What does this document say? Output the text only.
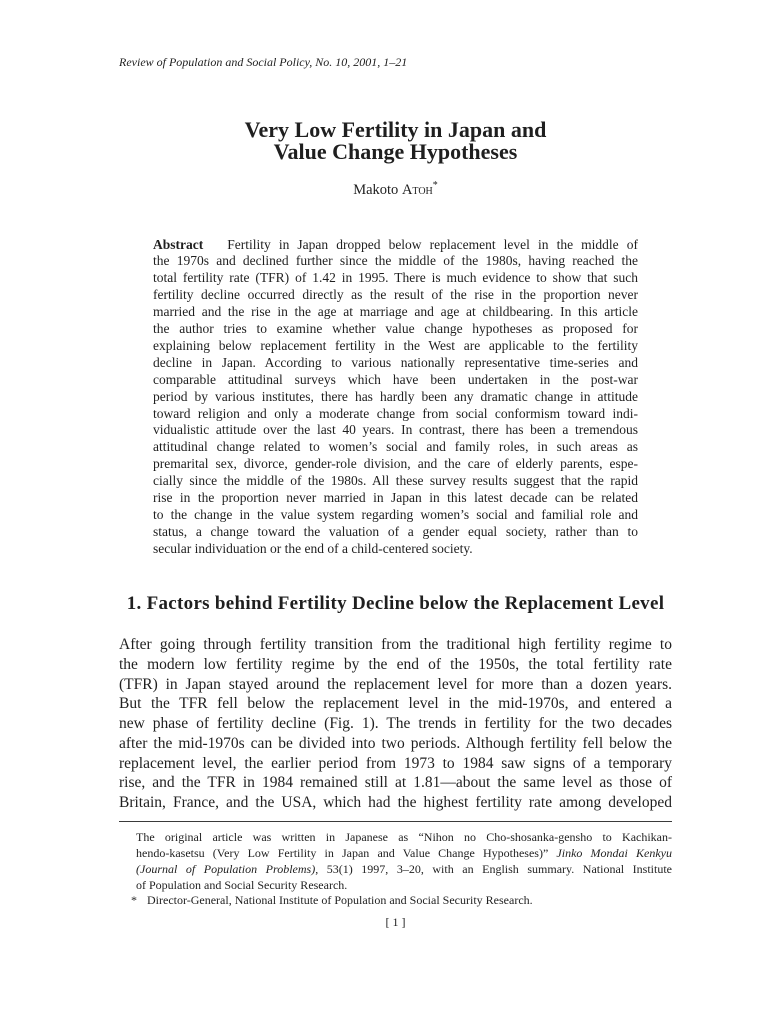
Review of Population and Social Policy, No. 10, 2001, 1–21
Very Low Fertility in Japan and
Value Change Hypotheses
Makoto Atoh*
Abstract Fertility in Japan dropped below replacement level in the middle of
the 1970s and declined further since the middle of the 1980s, having reached the
total fertility rate (TFR) of 1.42 in 1995. There is much evidence to show that such
fertility decline occurred directly as the result of the rise in the proportion never
married and the rise in the age at marriage and age at childbearing. In this article
the author tries to examine whether value change hypotheses as proposed for
explaining below replacement fertility in the West are applicable to the fertility
decline in Japan. According to various nationally representative time-series and
comparable attitudinal surveys which have been undertaken in the post-war
period by various institutes, there has hardly been any dramatic change in attitude
toward religion and only a moderate change from social conformism toward indi-
vidualistic attitude over the last 40 years. In contrast, there has been a tremendous
attitudinal change related to women’s social and family roles, in such areas as
premarital sex, divorce, gender-role division, and the care of elderly parents, espe-
cially since the middle of the 1980s. All these survey results suggest that the rapid
rise in the proportion never married in Japan in this latest decade can be related
to the change in the value system regarding women’s social and familial role and
status, a change toward the valuation of a gender equal society, rather than to
secular individuation or the end of a child-centered society.
1. Factors behind Fertility Decline below the Replacement Level
After going through fertility transition from the traditional high fertility regime to
the modern low fertility regime by the end of the 1950s, the total fertility rate
(TFR) in Japan stayed around the replacement level for more than a dozen years.
But the TFR fell below the replacement level in the mid-1970s, and entered a
new phase of fertility decline (Fig. 1). The trends in fertility for the two decades
after the mid-1970s can be divided into two periods. Although fertility fell below the
replacement level, the earlier period from 1973 to 1984 saw signs of a temporary
rise, and the TFR in 1984 remained still at 1.81—about the same level as those of
Britain, France, and the USA, which had the highest fertility rate among developed
The original article was written in Japanese as “Nihon no Cho-shosanka-gensho to Kachikan-
hendo-kasetsu (Very Low Fertility in Japan and Value Change Hypotheses)” Jinko Mondai Kenkyu
(Journal of Population Problems), 53(1) 1997, 3–20, with an English summary. National Institute
of Population and Social Security Research.
* Director-General, National Institute of Population and Social Security Research.
[ 1 ]
